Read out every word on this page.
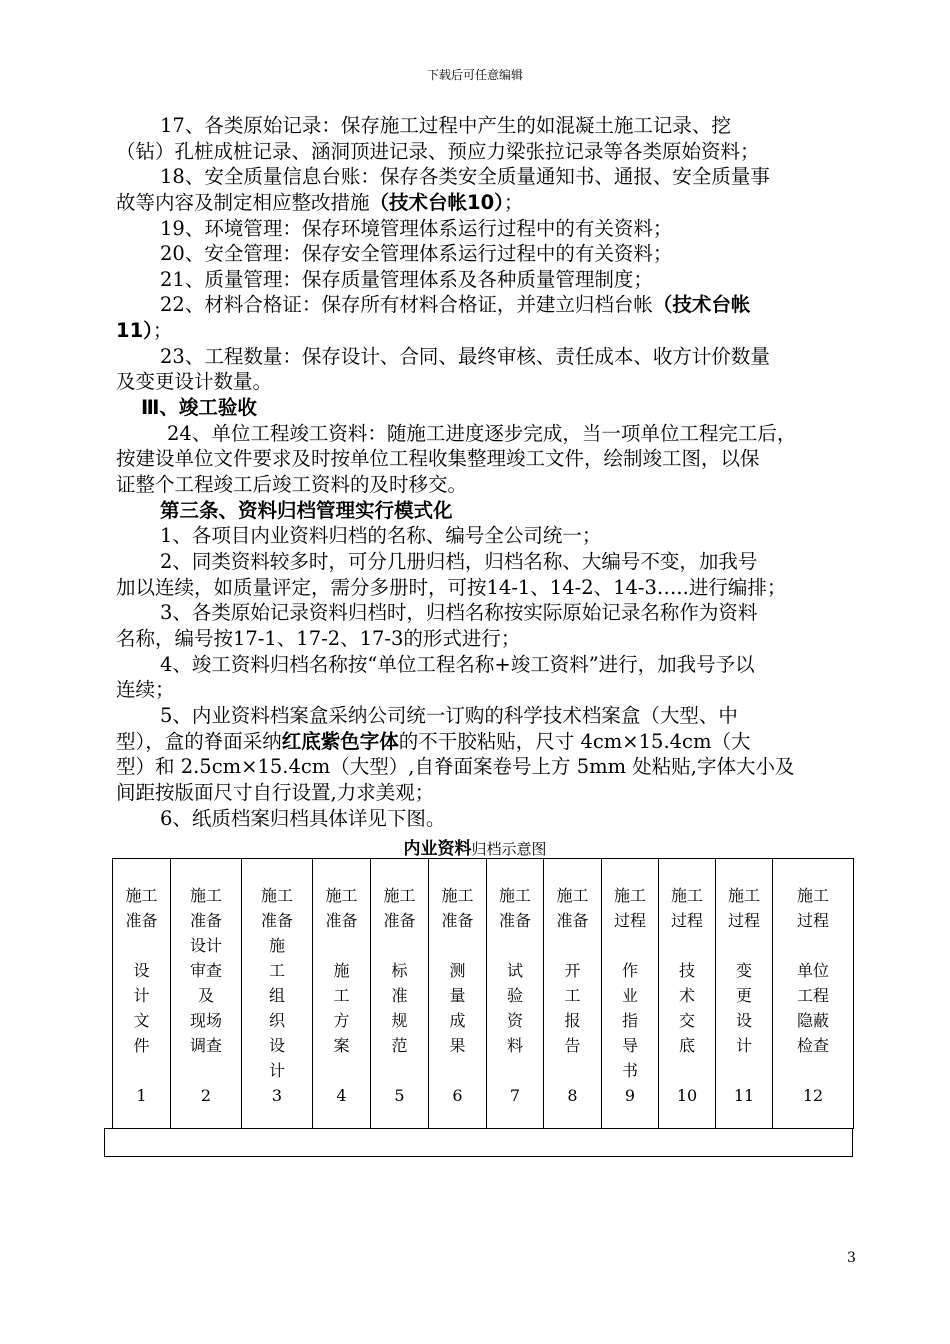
下载后可任意编辑
17、各类原始记录：保存施工过程中产生的如混凝土施工记录、挖
（钻）孔桩成桩记录、涵洞顶进记录、预应力梁张拉记录等各类原始资料；
18、安全质量信息台账：保存各类安全质量通知书、通报、安全质量事
故等内容及制定相应整改措施（技术台帐10）；
19、环境管理：保存环境管理体系运行过程中的有关资料；
20、安全管理：保存安全管理体系运行过程中的有关资料；
21、质量管理：保存质量管理体系及各种质量管理制度；
22、材料合格证：保存所有材料合格证，并建立归档台帐（技术台帐
11）；
23、工程数量：保存设计、合同、最终审核、责任成本、收方计价数量
及变更设计数量。
Ⅲ、竣工验收
24、单位工程竣工资料：随施工进度逐步完成，当一项单位工程完工后，
按建设单位文件要求及时按单位工程收集整理竣工文件，绘制竣工图，以保
证整个工程竣工后竣工资料的及时移交。
第三条、资料归档管理实行模式化
1、各项目内业资料归档的名称、编号全公司统一；
2、同类资料较多时，可分几册归档，归档名称、大编号不变，加我号
加以连续，如质量评定，需分多册时，可按14-1、14-2、14-3…..进行编排；
3、各类原始记录资料归档时，归档名称按实际原始记录名称作为资料
名称，编号按17-1、17-2、17-3的形式进行；
4、竣工资料归档名称按“单位工程名称+竣工资料”进行，加我号予以
连续；
5、内业资料档案盒采纳公司统一订购的科学技术档案盒（大型、中
型），盒的脊面采纳红底紫色字体的不干胶粘贴，尺寸 4cm×15.4cm（大
型）和 2.5cm×15.4cm（大型）,自脊面案卷号上方 5mm 处粘贴,字体大小及
间距按版面尺寸自行设置,力求美观；
6、纸质档案归档具体详见下图。
内业资料归档示意图
施工
准备
设
计
文
件
1

施工
准备
设计
审查
及
现场
调查
2

施工
准备
施
工
组
织
设
计
3

施工
准备
施
工
方
案
4

施工
准备
标
准
规
范
5

施工
准备
测
量
成
果
6

施工
准备
试
验
资
料
7

施工
准备
开
工
报
告
8

施工
过程
作
业
指
导
书
9

施工
过程
技
术
交
底
10

施工
过程
变
更
设
计
11

施工
过程
单位
工程
隐蔽
检查
12
3
